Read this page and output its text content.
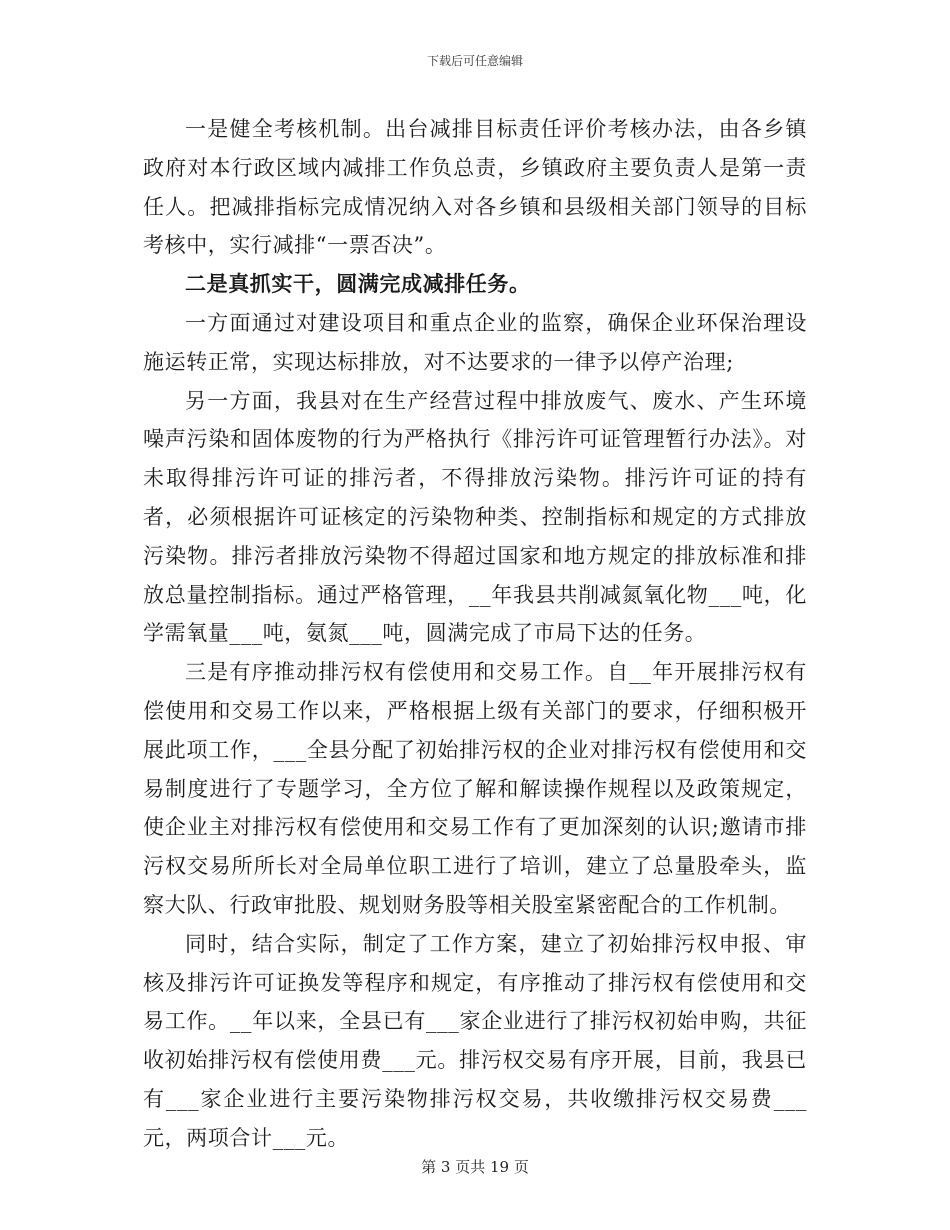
下载后可任意编辑

一是健全考核机制。出台减排目标责任评价考核办法，由各乡镇政府对本行政区域内减排工作负总责，乡镇政府主要负责人是第一责任人。把减排指标完成情况纳入对各乡镇和县级相关部门领导的目标考核中，实行减排“一票否决”。

二是真抓实干，圆满完成减排任务。

一方面通过对建设项目和重点企业的监察，确保企业环保治理设施运转正常，实现达标排放，对不达要求的一律予以停产治理;

另一方面，我县对在生产经营过程中排放废气、废水、产生环境噪声污染和固体废物的行为严格执行《排污许可证管理暂行办法》。对未取得排污许可证的排污者，不得排放污染物。排污许可证的持有者，必须根据许可证核定的污染物种类、控制指标和规定的方式排放污染物。排污者排放污染物不得超过国家和地方规定的排放标准和排放总量控制指标。通过严格管理，__年我县共削减氮氧化物___吨，化学需氧量___吨，氨氮___吨，圆满完成了市局下达的任务。

三是有序推动排污权有偿使用和交易工作。自__年开展排污权有偿使用和交易工作以来，严格根据上级有关部门的要求，仔细积极开展此项工作，___全县分配了初始排污权的企业对排污权有偿使用和交易制度进行了专题学习，全方位了解和解读操作规程以及政策规定，使企业主对排污权有偿使用和交易工作有了更加深刻的认识;邀请市排污权交易所所长对全局单位职工进行了培训，建立了总量股牵头，监察大队、行政审批股、规划财务股等相关股室紧密配合的工作机制。

同时，结合实际，制定了工作方案，建立了初始排污权申报、审核及排污许可证换发等程序和规定，有序推动了排污权有偿使用和交易工作。__年以来，全县已有___家企业进行了排污权初始申购，共征收初始排污权有偿使用费___元。排污权交易有序开展，目前，我县已有___家企业进行主要污染物排污权交易，共收缴排污权交易费___元，两项合计___元。

第 3 页共 19 页
